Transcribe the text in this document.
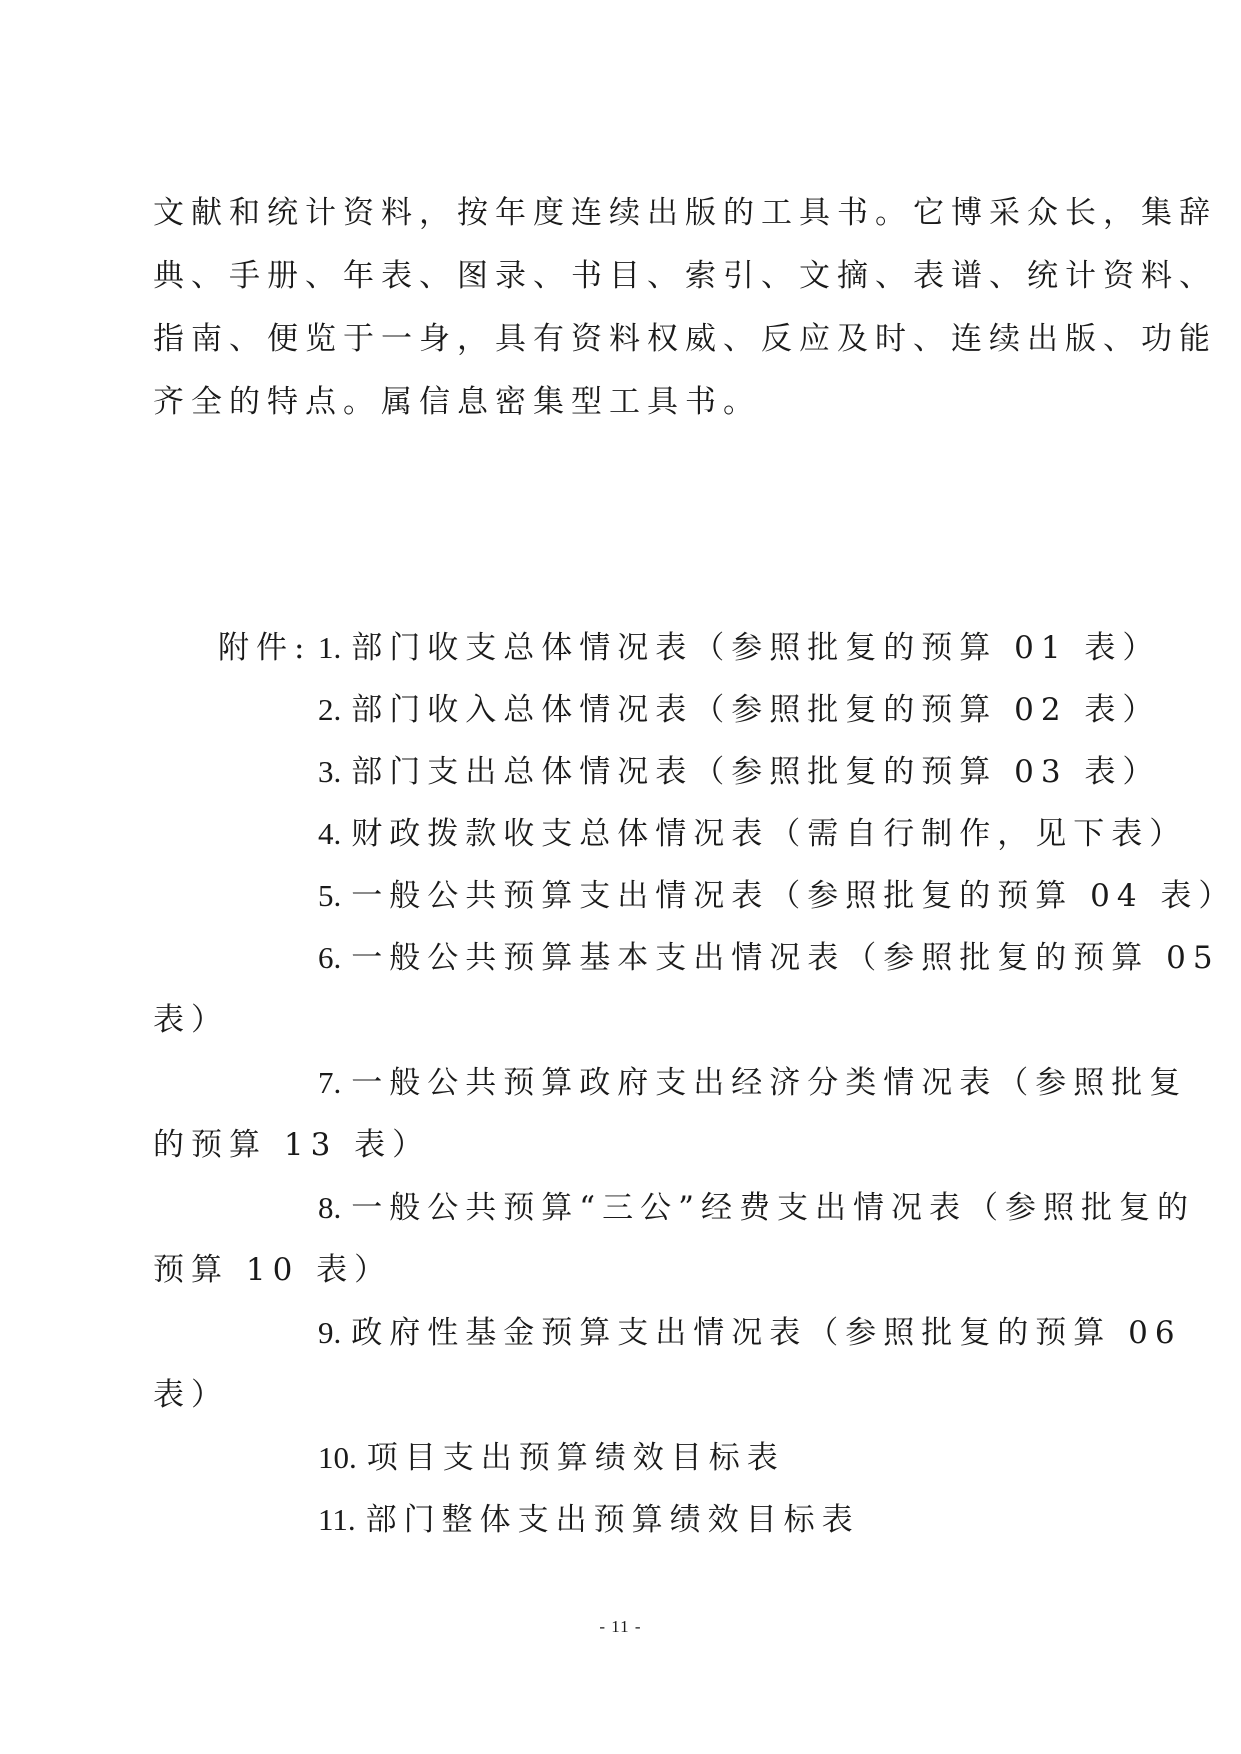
文献和统计资料，按年度连续出版的工具书。它博采众长，集辞
典、手册、年表、图录、书目、索引、文摘、表谱、统计资料、
指南、便览于一身，具有资料权威、反应及时、连续出版、功能
齐全的特点。属信息密集型工具书。
附件: 1. 部门收支总体情况表（参照批复的预算 01 表）
2. 部门收入总体情况表（参照批复的预算 02 表）
3. 部门支出总体情况表（参照批复的预算 03 表）
4. 财政拨款收支总体情况表（需自行制作，见下表）
5. 一般公共预算支出情况表（参照批复的预算 04 表）
6. 一般公共预算基本支出情况表（参照批复的预算 05
表）
7. 一般公共预算政府支出经济分类情况表（参照批复
的预算 13 表）
8. 一般公共预算“三公”经费支出情况表（参照批复的
预算 10 表）
9. 政府性基金预算支出情况表（参照批复的预算 06
表）
10. 项目支出预算绩效目标表
11. 部门整体支出预算绩效目标表
- 11 -
